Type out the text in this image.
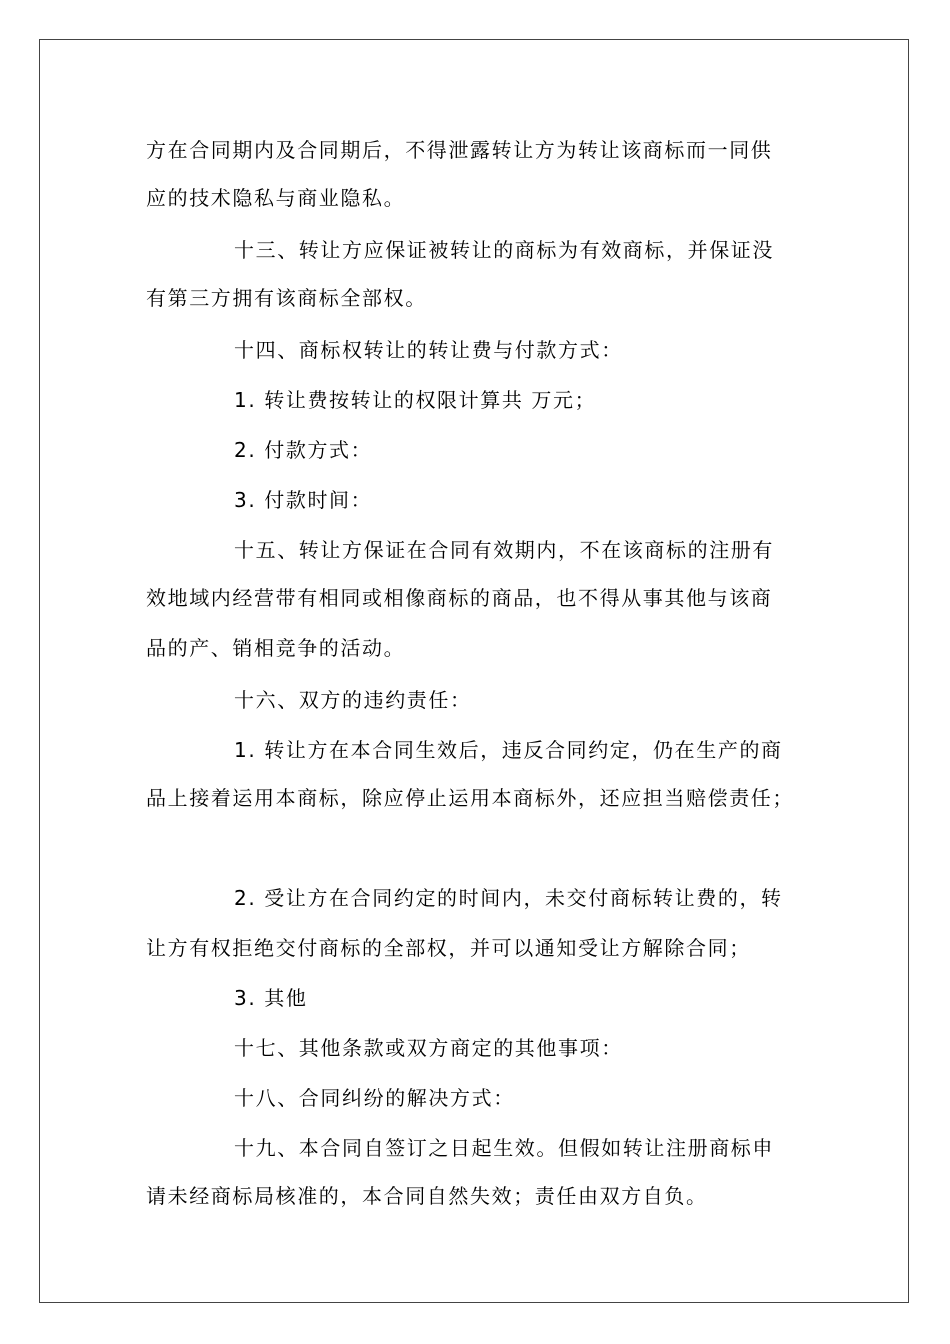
方在合同期内及合同期后，不得泄露转让方为转让该商标而一同供
应的技术隐私与商业隐私。
十三、转让方应保证被转让的商标为有效商标，并保证没
有第三方拥有该商标全部权。
十四、商标权转让的转让费与付款方式：
1. 转让费按转让的权限计算共 万元；
2. 付款方式：
3. 付款时间：
十五、转让方保证在合同有效期内，不在该商标的注册有
效地域内经营带有相同或相像商标的商品，也不得从事其他与该商
品的产、销相竞争的活动。
十六、双方的违约责任：
1. 转让方在本合同生效后，违反合同约定，仍在生产的商
品上接着运用本商标，除应停止运用本商标外，还应担当赔偿责任；
2. 受让方在合同约定的时间内，未交付商标转让费的，转
让方有权拒绝交付商标的全部权，并可以通知受让方解除合同；
3. 其他
十七、其他条款或双方商定的其他事项：
十八、合同纠纷的解决方式：
十九、本合同自签订之日起生效。但假如转让注册商标申
请未经商标局核准的，本合同自然失效；责任由双方自负。
